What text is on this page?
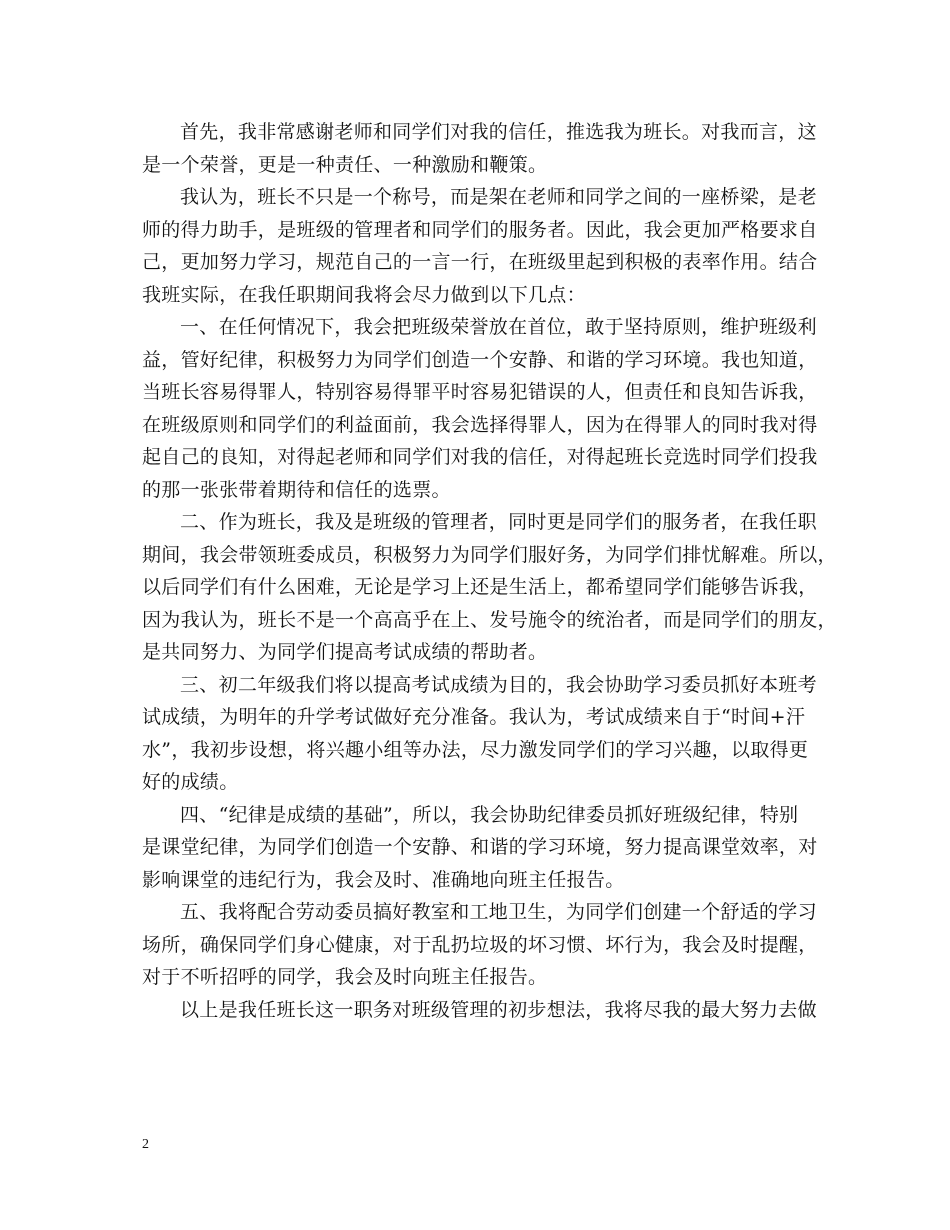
首先，我非常感谢老师和同学们对我的信任，推选我为班长。对我而言，这
是一个荣誉，更是一种责任、一种激励和鞭策。
我认为，班长不只是一个称号，而是架在老师和同学之间的一座桥梁，是老
师的得力助手，是班级的管理者和同学们的服务者。因此，我会更加严格要求自
己，更加努力学习，规范自己的一言一行，在班级里起到积极的表率作用。结合
我班实际，在我任职期间我将会尽力做到以下几点：
一、在任何情况下，我会把班级荣誉放在首位，敢于坚持原则，维护班级利
益，管好纪律，积极努力为同学们创造一个安静、和谐的学习环境。我也知道，
当班长容易得罪人，特别容易得罪平时容易犯错误的人，但责任和良知告诉我，
在班级原则和同学们的利益面前，我会选择得罪人，因为在得罪人的同时我对得
起自己的良知，对得起老师和同学们对我的信任，对得起班长竞选时同学们投我
的那一张张带着期待和信任的选票。
二、作为班长，我及是班级的管理者，同时更是同学们的服务者，在我任职
期间，我会带领班委成员，积极努力为同学们服好务，为同学们排忧解难。所以，
以后同学们有什么困难，无论是学习上还是生活上，都希望同学们能够告诉我，
因为我认为，班长不是一个高高乎在上、发号施令的统治者，而是同学们的朋友，
是共同努力、为同学们提高考试成绩的帮助者。
三、初二年级我们将以提高考试成绩为目的，我会协助学习委员抓好本班考
试成绩，为明年的升学考试做好充分准备。我认为，考试成绩来自于“时间+汗
水”，我初步设想，将兴趣小组等办法，尽力激发同学们的学习兴趣，以取得更
好的成绩。
四、“纪律是成绩的基础”，所以，我会协助纪律委员抓好班级纪律，特别
是课堂纪律，为同学们创造一个安静、和谐的学习环境，努力提高课堂效率，对
影响课堂的违纪行为，我会及时、准确地向班主任报告。
五、我将配合劳动委员搞好教室和工地卫生，为同学们创建一个舒适的学习
场所，确保同学们身心健康，对于乱扔垃圾的坏习惯、坏行为，我会及时提醒，
对于不听招呼的同学，我会及时向班主任报告。
以上是我任班长这一职务对班级管理的初步想法，我将尽我的最大努力去做
2
